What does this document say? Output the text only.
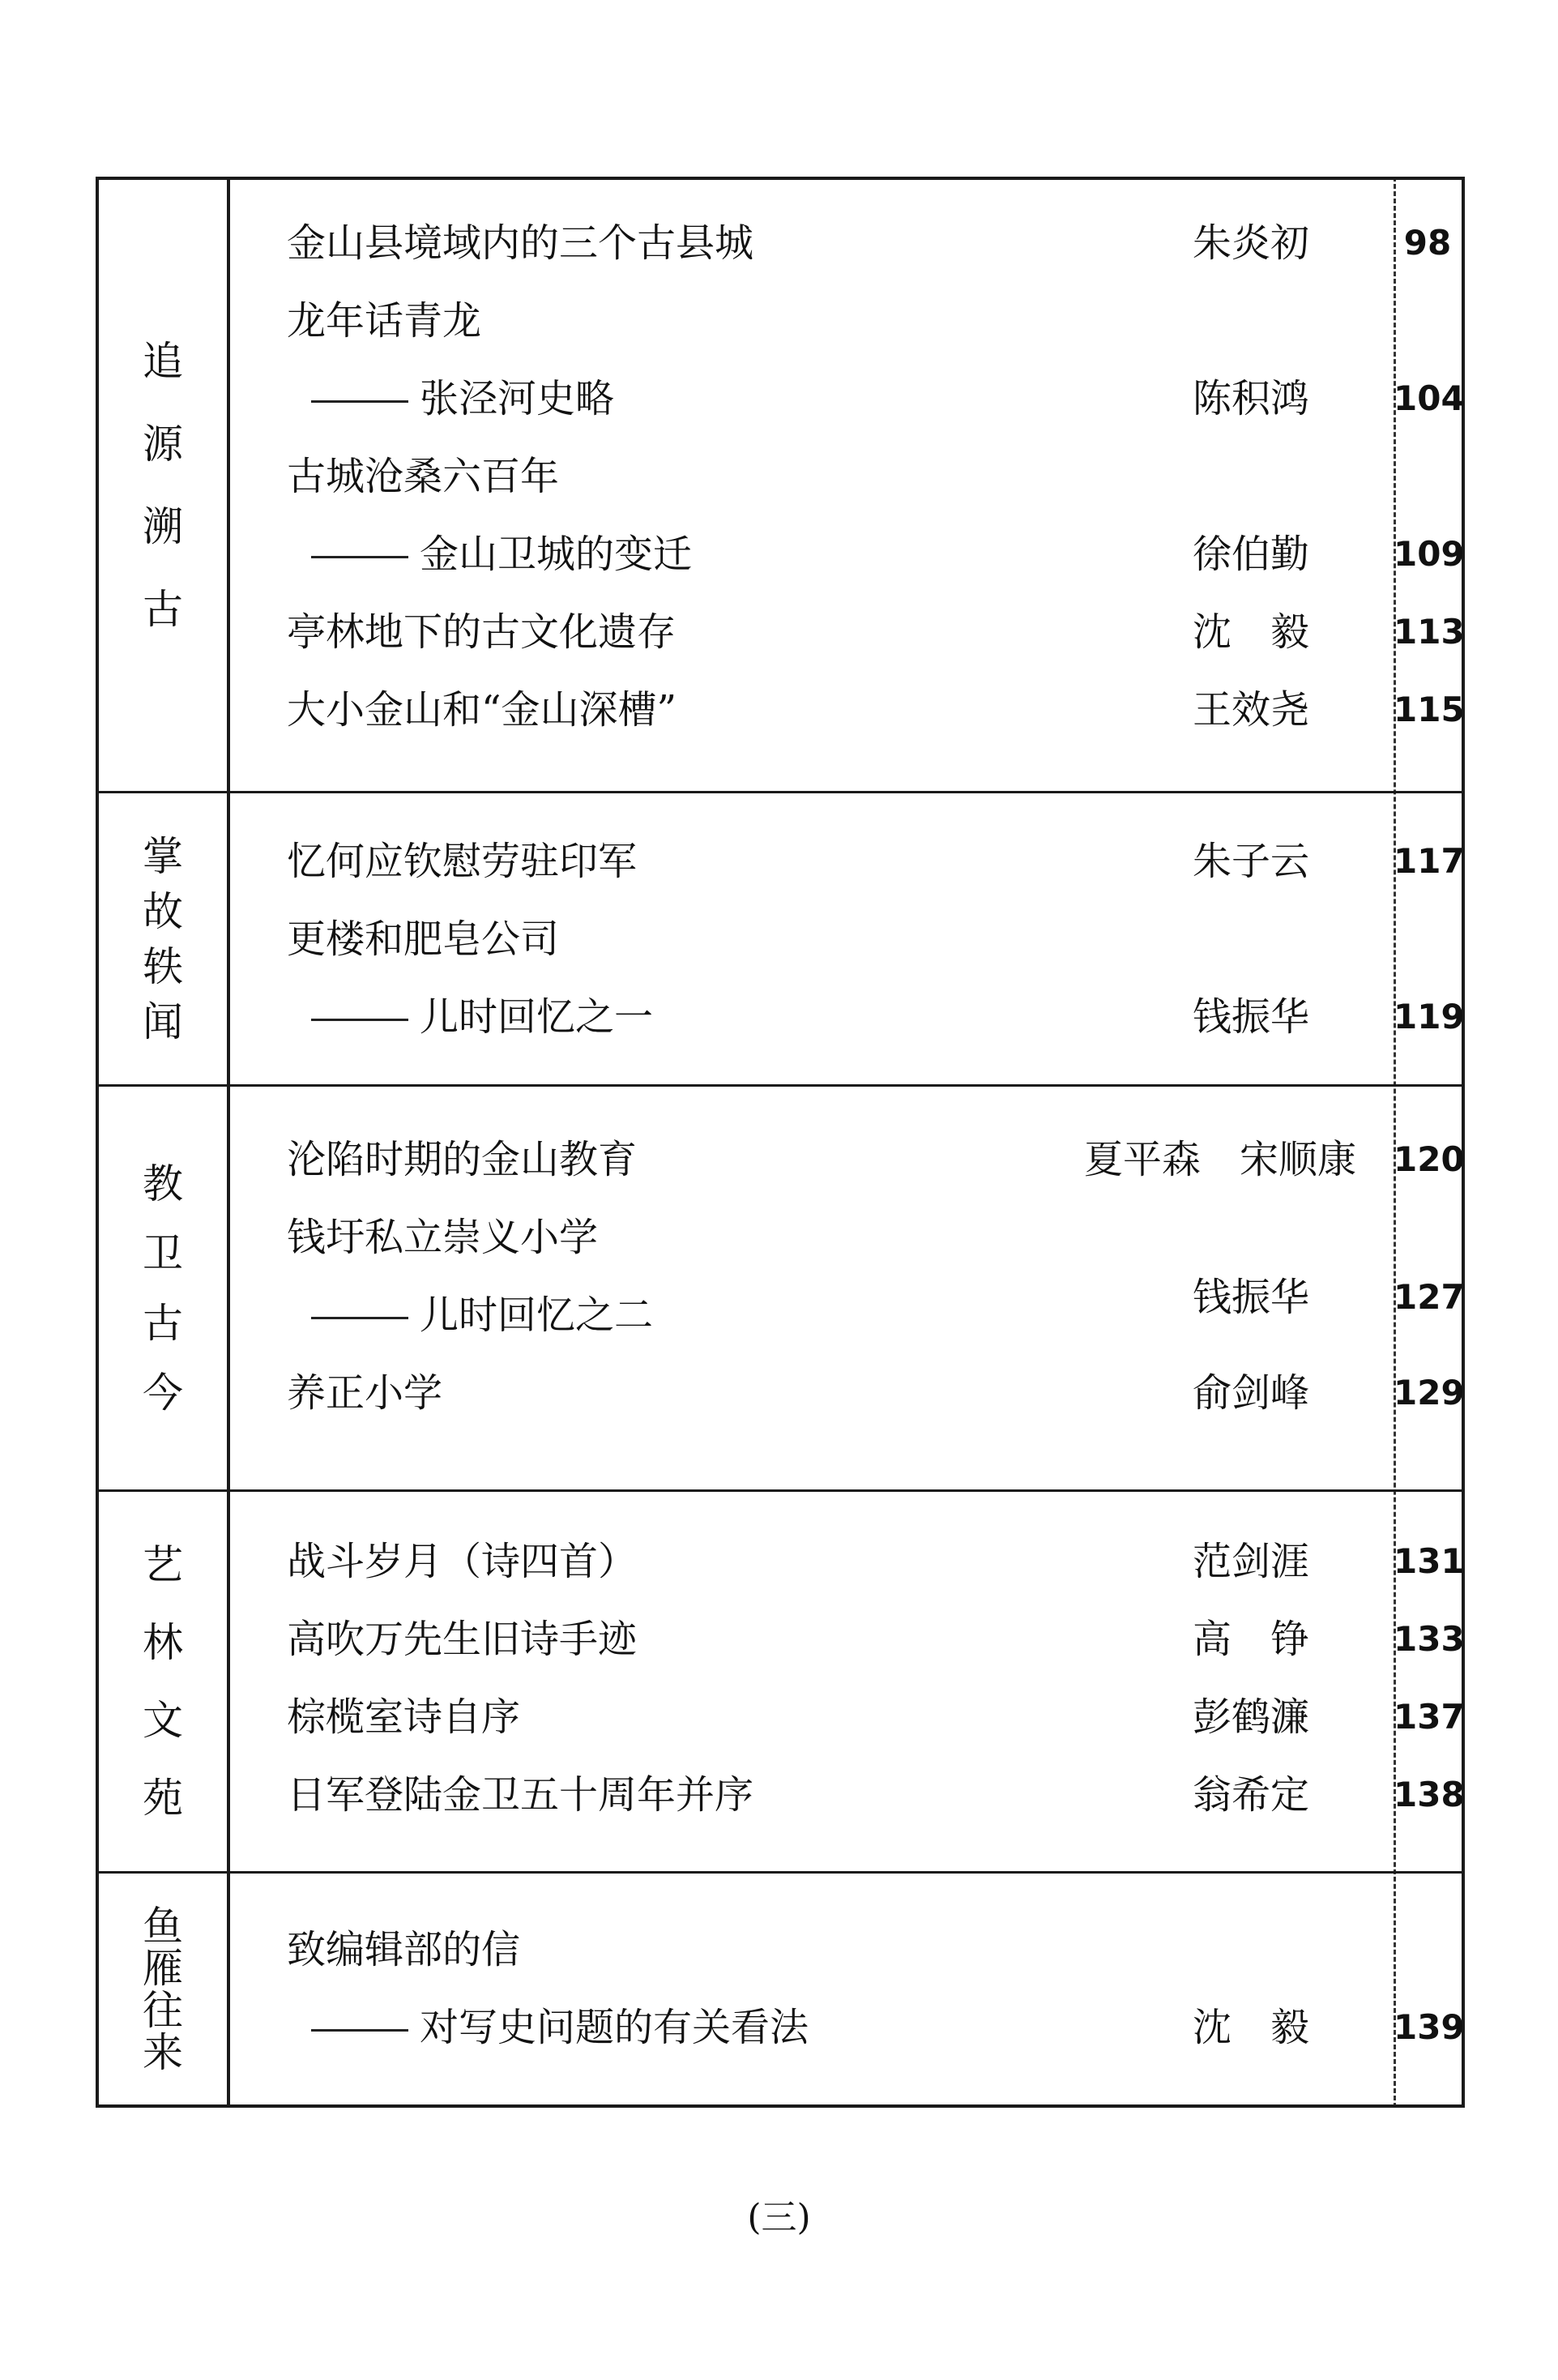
追
源
溯
古
金山县境域内的三个古县城	朱炎初	98
龙年话青龙
张泾河史略	陈积鸿 104
古城沧桑六百年
金山卫城的变迁	徐伯勤 109
亭林地下的古文化遗存	沈　毅 113
大小金山和“金山深槽”	王效尧 115
掌
故
轶
闻
忆何应钦慰劳驻印军	朱子云 117
更楼和肥皂公司
儿时回忆之一	钱振华 119
教
卫
古
今
沦陷时期的金山教育	夏平森　宋顺康 120
钱圩私立崇义小学
儿时回忆之二	钱振华 127
养正小学	俞剑峰 129
艺
林
文
苑
战斗岁月（诗四首）	范剑涯 131
高吹万先生旧诗手迹	高　铮 133
棕榄室诗自序	彭鹤濂 137
日军登陆金卫五十周年并序	翁希定 138
鱼
雁
往
来
致编辑部的信
对写史问题的有关看法	沈　毅 139
(三)
